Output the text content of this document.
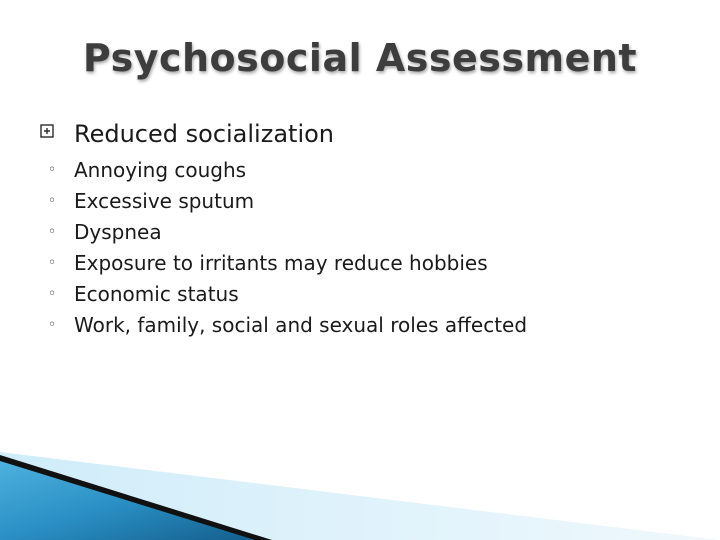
Psychosocial Assessment
Reduced socialization
◦ Annoying coughs
◦ Excessive sputum
◦ Dyspnea
◦ Exposure to irritants may reduce hobbies
◦ Economic status
◦ Work, family, social and sexual roles affected
